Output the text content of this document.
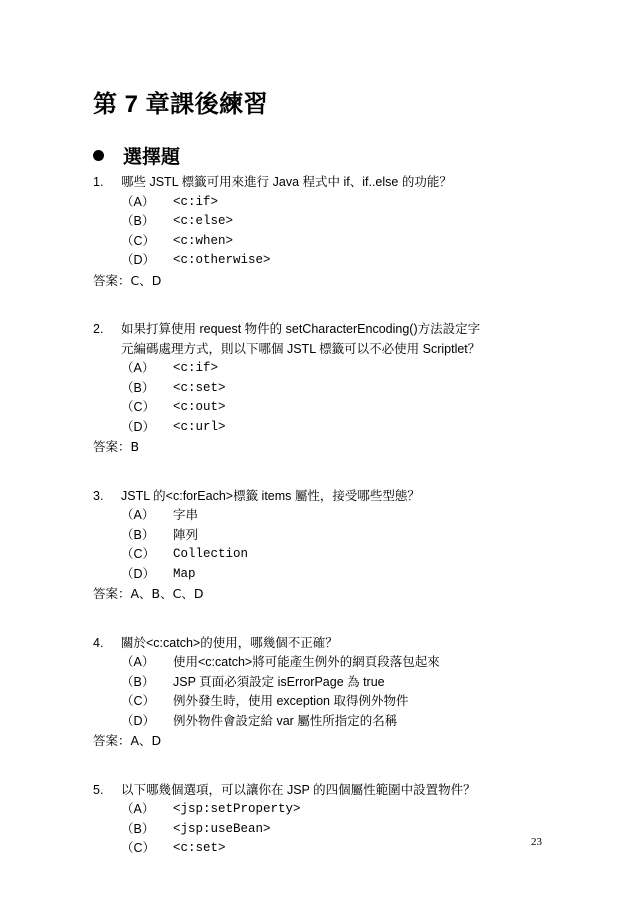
第 7 章課後練習
選擇題
1.	哪些 JSTL 標籤可用來進行 Java 程式中 if、if..else 的功能？
（A）	<c:if>
（B）	<c:else>
（C）	<c:when>
（D）	<c:otherwise>
答案：C、D
2.	如果打算使用 request 物件的 setCharacterEncoding()方法設定字
元編碼處理方式，則以下哪個 JSTL 標籤可以不必使用 Scriptlet？
（A）	<c:if>
（B）	<c:set>
（C）	<c:out>
（D）	<c:url>
答案：B
3.	JSTL 的<c:forEach>標籤 items 屬性，接受哪些型態？
（A）	字串
（B）	陣列
（C）	Collection
（D）	Map
答案：A、B、C、D
4.	關於<c:catch>的使用，哪幾個不正確？
（A）	使用<c:catch>將可能產生例外的網頁段落包起來
（B）	JSP 頁面必須設定 isErrorPage 為 true
（C）	例外發生時，使用 exception 取得例外物件
（D）	例外物件會設定給 var 屬性所指定的名稱
答案：A、D
5.	以下哪幾個選項，可以讓你在 JSP 的四個屬性範圍中設置物件？
（A）	<jsp:setProperty>
（B）	<jsp:useBean>
（C）	<c:set>	23
